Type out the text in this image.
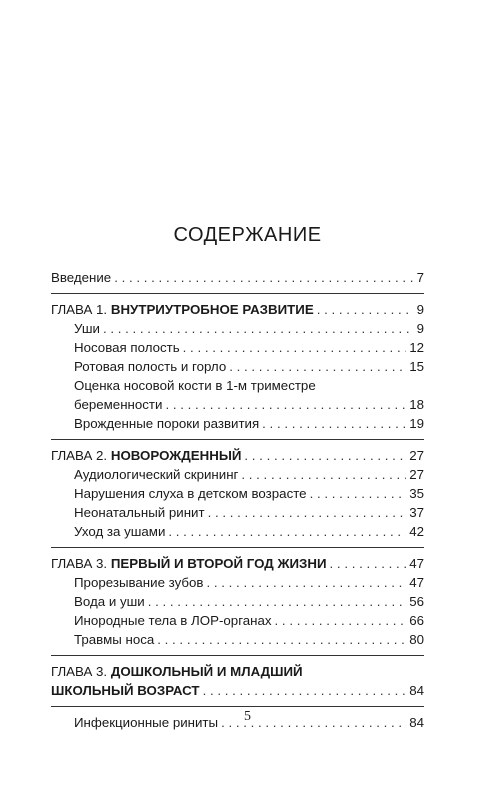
СОДЕРЖАНИЕ
Введение . . .	7
ГЛАВА 1. ВНУТРИУТРОБНОЕ РАЗВИТИЕ . . .	9
Уши . . .	9
Носовая полость . . .	12
Ротовая полость и горло . . .	15
Оценка носовой кости в 1-м триместре
беременности . . .	18
Врожденные пороки развития . . .	19
ГЛАВА 2. НОВОРОЖДЕННЫЙ . . .	27
Аудиологический скрининг . . .	27
Нарушения слуха в детском возрасте . . .	35
Неонатальный ринит . . .	37
Уход за ушами . . .	42
ГЛАВА 3. ПЕРВЫЙ И ВТОРОЙ ГОД ЖИЗНИ . . .	47
Прорезывание зубов . . .	47
Вода и уши . . .	56
Инородные тела в ЛОР-органах . . .	66
Травмы носа . . .	80
ГЛАВА 3. ДОШКОЛЬНЫЙ И МЛАДШИЙ
ШКОЛЬНЫЙ ВОЗРАСТ . . .	84
Инфекционные риниты . . .	84
5
